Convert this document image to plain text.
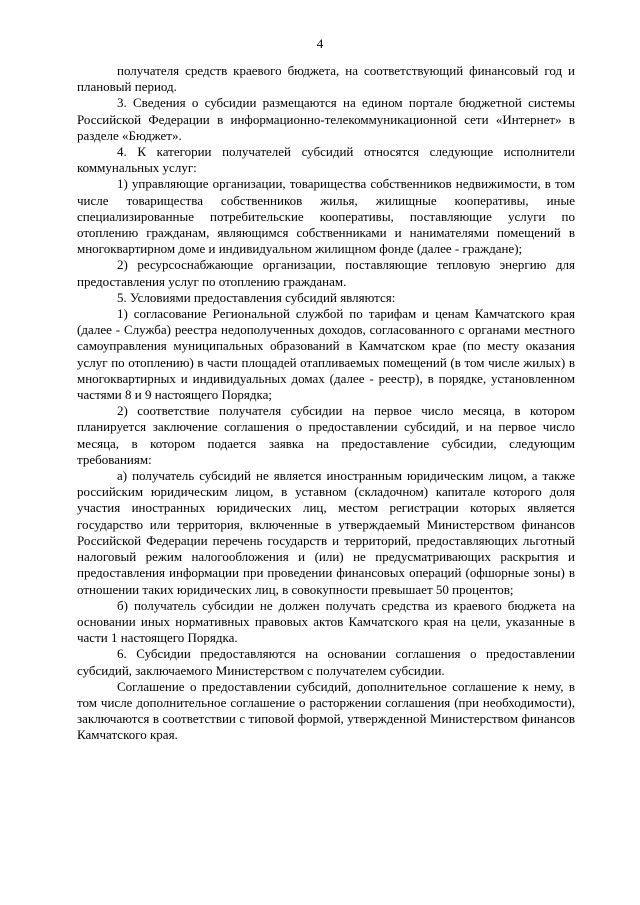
4

получателя средств краевого бюджета, на соответствующий финансовый год и плановый период.

3. Сведения о субсидии размещаются на едином портале бюджетной системы Российской Федерации в информационно-телекоммуникационной сети «Интернет» в разделе «Бюджет».

4. К категории получателей субсидий относятся следующие исполнители коммунальных услуг:

1) управляющие организации, товарищества собственников недвижимости, в том числе товарищества собственников жилья, жилищные кооперативы, иные специализированные потребительские кооперативы, поставляющие услуги по отоплению гражданам, являющимся собственниками и нанимателями помещений в многоквартирном доме и индивидуальном жилищном фонде (далее - граждане);

2) ресурсоснабжающие организации, поставляющие тепловую энергию для предоставления услуг по отоплению гражданам.

5. Условиями предоставления субсидий являются:

1) согласование Региональной службой по тарифам и ценам Камчатского края (далее - Служба) реестра недополученных доходов, согласованного с органами местного самоуправления муниципальных образований в Камчатском крае (по месту оказания услуг по отоплению) в части площадей отапливаемых помещений (в том числе жилых) в многоквартирных и индивидуальных домах (далее - реестр), в порядке, установленном частями 8 и 9 настоящего Порядка;

2) соответствие получателя субсидии на первое число месяца, в котором планируется заключение соглашения о предоставлении субсидий, и на первое число месяца, в котором подается заявка на предоставление субсидии, следующим требованиям:

а) получатель субсидий не является иностранным юридическим лицом, а также российским юридическим лицом, в уставном (складочном) капитале которого доля участия иностранных юридических лиц, местом регистрации которых является государство или территория, включенные в утверждаемый Министерством финансов Российской Федерации перечень государств и территорий, предоставляющих льготный налоговый режим налогообложения и (или) не предусматривающих раскрытия и предоставления информации при проведении финансовых операций (офшорные зоны) в отношении таких юридических лиц, в совокупности превышает 50 процентов;

б) получатель субсидии не должен получать средства из краевого бюджета на основании иных нормативных правовых актов Камчатского края на цели, указанные в части 1 настоящего Порядка.

6. Субсидии предоставляются на основании соглашения о предоставлении субсидий, заключаемого Министерством с получателем субсидии.

Соглашение о предоставлении субсидий, дополнительное соглашение к нему, в том числе дополнительное соглашение о расторжении соглашения (при необходимости), заключаются в соответствии с типовой формой, утвержденной Министерством финансов Камчатского края.
